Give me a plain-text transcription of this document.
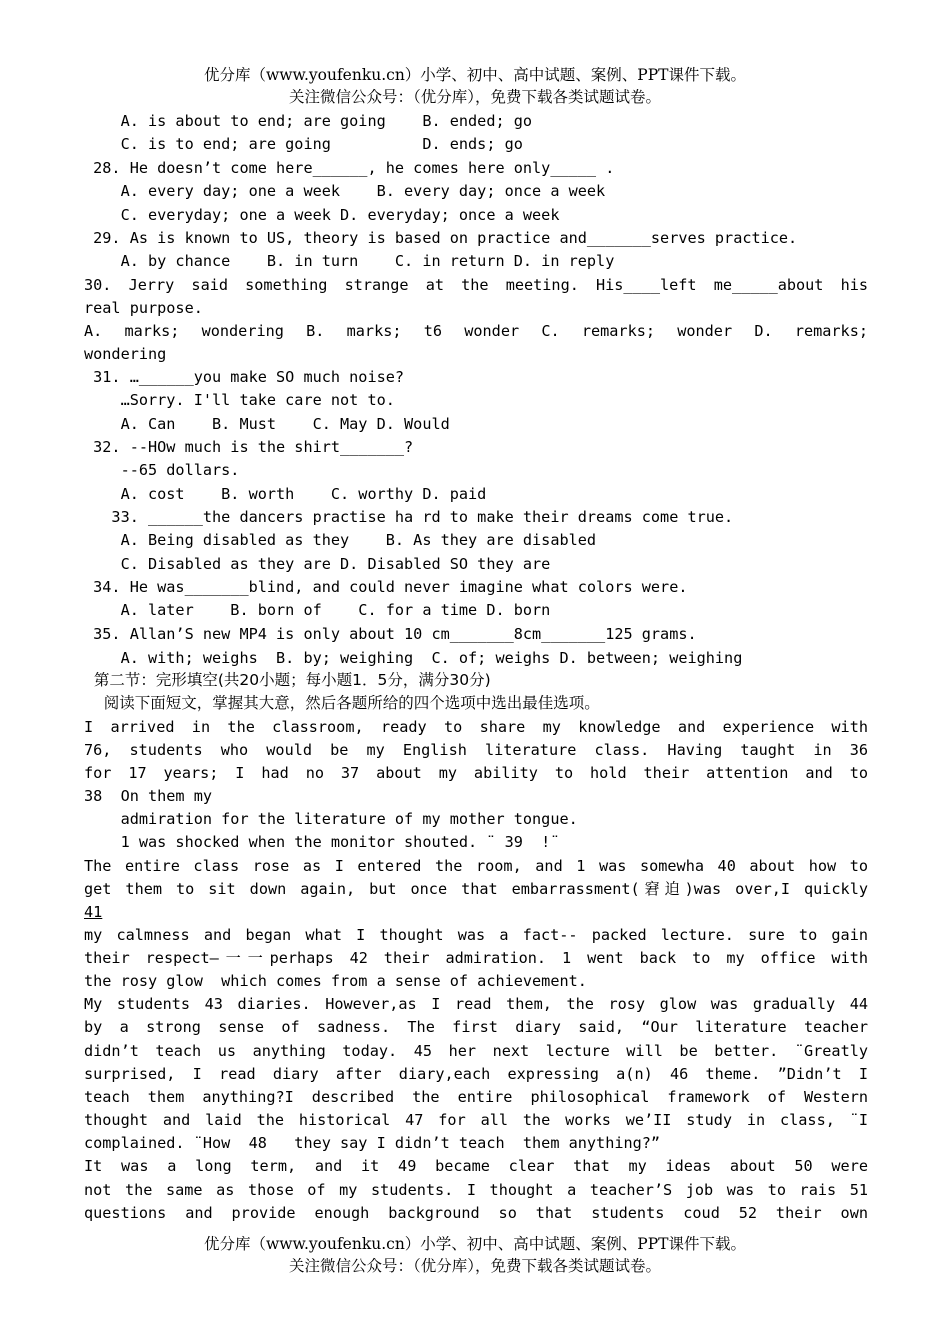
优分库（www.youfenku.cn）小学、初中、高中试题、案例、PPT课件下载。
关注微信公众号：（优分库），免费下载各类试题试卷。
A. is about to end; are going    B. ended; go
C. is to end; are going          D. ends; go
28. He doesn’t come here______, he comes here only_____ .
A. every day; one a week    B. every day; once a week
C. everyday; one a week D. everyday; once a week
29. As is known to US, theory is based on practice and_______serves practice.
A. by chance    B. in turn    C. in return D. in reply
30. Jerry said something strange at the meeting. His____left me_____about his
real purpose.
A. marks; wondering B. marks; t6 wonder C. remarks; wonder D. remarks;
wondering
31. …______you make SO much noise?
…Sorry. I'll take care not to.
A. Can    B. Must    C. May D. Would
32. --HOw much is the shirt_______?
--65 dollars.
A. cost    B. worth    C. worthy D. paid
33. ______the dancers practise ha rd to make their dreams come true.
A. Being disabled as they    B. As they are disabled
C. Disabled as they are D. Disabled SO they are
34. He was_______blind, and could never imagine what colors were.
A. later    B. born of    C. for a time D. born
35. Allan’S new MP4 is only about 10 cm_______8cm_______125 grams.
A. with; weighs  B. by; weighing  C. of; weighs D. between; weighing
第二节：完形填空(共20小题；每小题1．5分，满分30分)
阅读下面短文，掌握其大意，然后各题所给的四个选项中选出最佳选项。
I arrived in the classroom, ready to share my knowledge and experience with
76, students who would be my English literature class. Having taught in 36
for 17 years; I had no 37 about my ability to hold their attention and to
38  On them my
admiration for the literature of my mother tongue.
1 was shocked when the monitor shouted. ¨ 39  !¨
The entire class rose as I entered the room, and 1 was somewha 40 about how to
get them to sit down again, but once that embarrassment(窘迫)was over,I quickly
41
my calmness and began what I thought was a fact-- packed lecture. sure to gain
their respect—一一perhaps 42 their admiration. 1 went back to my office with
the rosy glow  which comes from a sense of achievement.
My students 43 diaries. However,as I read them, the rosy glow was gradually 44
by a strong sense of sadness. The first diary said, “Our literature teacher
didn’t teach us anything today. 45 her next lecture will be better. ¨Greatly
surprised, I read diary after diary,each expressing a(n) 46 theme. ”Didn’t I
teach them anything?I described the entire philosophical framework of Western
thought and laid the historical 47 for all the works we’II study in class, ¨I
complained. ¨How  48   they say I didn’t teach  them anything?”
It was a long term, and it 49 became clear that my ideas about 50 were
not the same as those of my students. I thought a teacher’S job was to rais 51
questions and provide enough background so that students coud 52 their own
优分库（www.youfenku.cn）小学、初中、高中试题、案例、PPT课件下载。
关注微信公众号：（优分库），免费下载各类试题试卷。
